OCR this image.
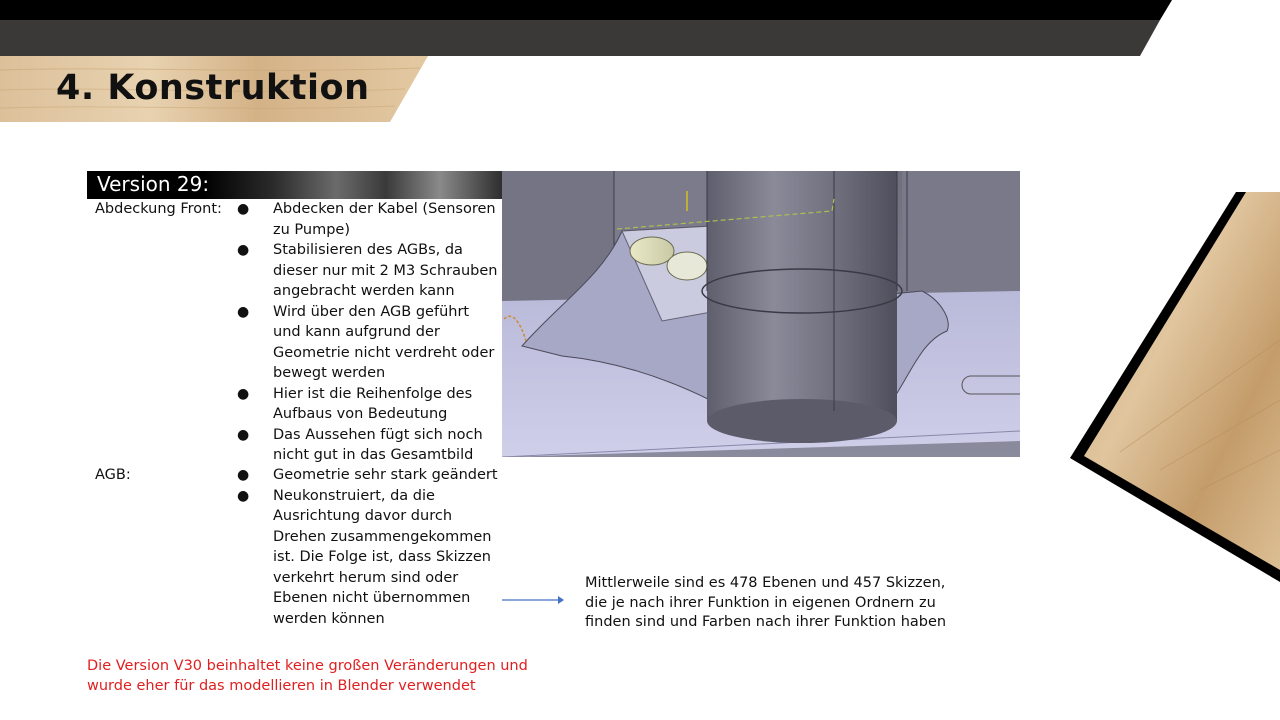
4. Konstruktion
Version 29:
Abdeckung Front: ● Abdecken der Kabel (Sensoren zu Pumpe)
● Stabilisieren des AGBs, da dieser nur mit 2 M3 Schrauben angebracht werden kann
● Wird über den AGB geführt und kann aufgrund der Geometrie nicht verdreht oder bewegt werden
● Hier ist die Reihenfolge des Aufbaus von Bedeutung
● Das Aussehen fügt sich noch nicht gut in das Gesamtbild
AGB:	● Geometrie sehr stark geändert
● Neukonstruiert, da die Ausrichtung davor durch Drehen zusammengekommen ist. Die Folge ist, dass Skizzen verkehrt herum sind oder Ebenen nicht übernommen werden können
Mittlerweile sind es 478 Ebenen und 457 Skizzen, die je nach ihrer Funktion in eigenen Ordnern zu finden sind und Farben nach ihrer Funktion haben
Die Version V30 beinhaltet keine großen Veränderungen und wurde eher für das modellieren in Blender verwendet
